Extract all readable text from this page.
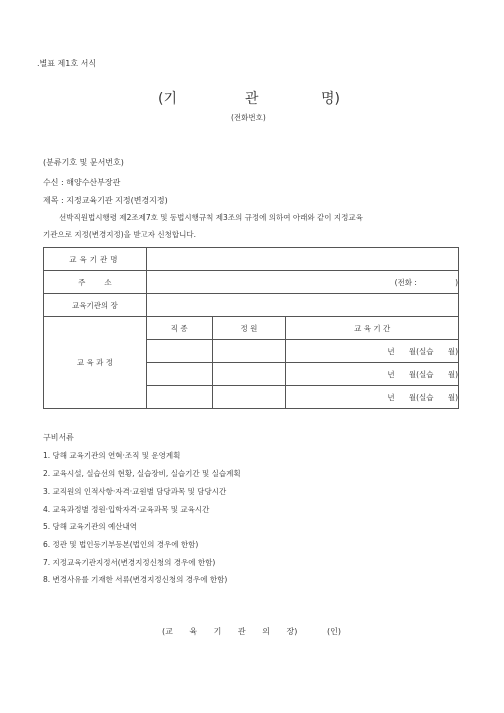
.별표 제1호 서식
(기	관	명)
(전화번호)
(분류기호 및 문서번호)
수신 : 해양수산부장관
제목 : 지정교육기관 지정(변경지정)
선박직원법시행령 제2조제7호 및 동법시행규칙 제3조의 규정에 의하여 아래와 같이 지정교육
기관으로 지정(변경지정)을 받고자 신청합니다.
교육기관명			
주        소	(전화 :                )		
교육기관의 장			
교 육 과 정	직 종	정 원	교 육 기 간
			년      월(실습      월)
			년      월(실습      월)
			년      월(실습      월)
구비서류
1. 당해 교육기관의 연혁·조직 및 운영계획
2. 교육시설, 실습선의 현황, 실습장비, 실습기간 및 실습계획
3. 교직원의 인적사항·자격·교원별 담당과목 및 담당시간
4. 교육과정별 정원·입학자격·교육과목 및 교육시간
5. 당해 교육기관의 예산내역
6. 정관 및 법인등기부등본(법인의 경우에 한함)
7. 지정교육기관지정서(변경지정신청의 경우에 한함)
8. 변경사유를 기재한 서류(변경지정신청의 경우에 한함)
(교 육 기 관 의 장)	(인)
